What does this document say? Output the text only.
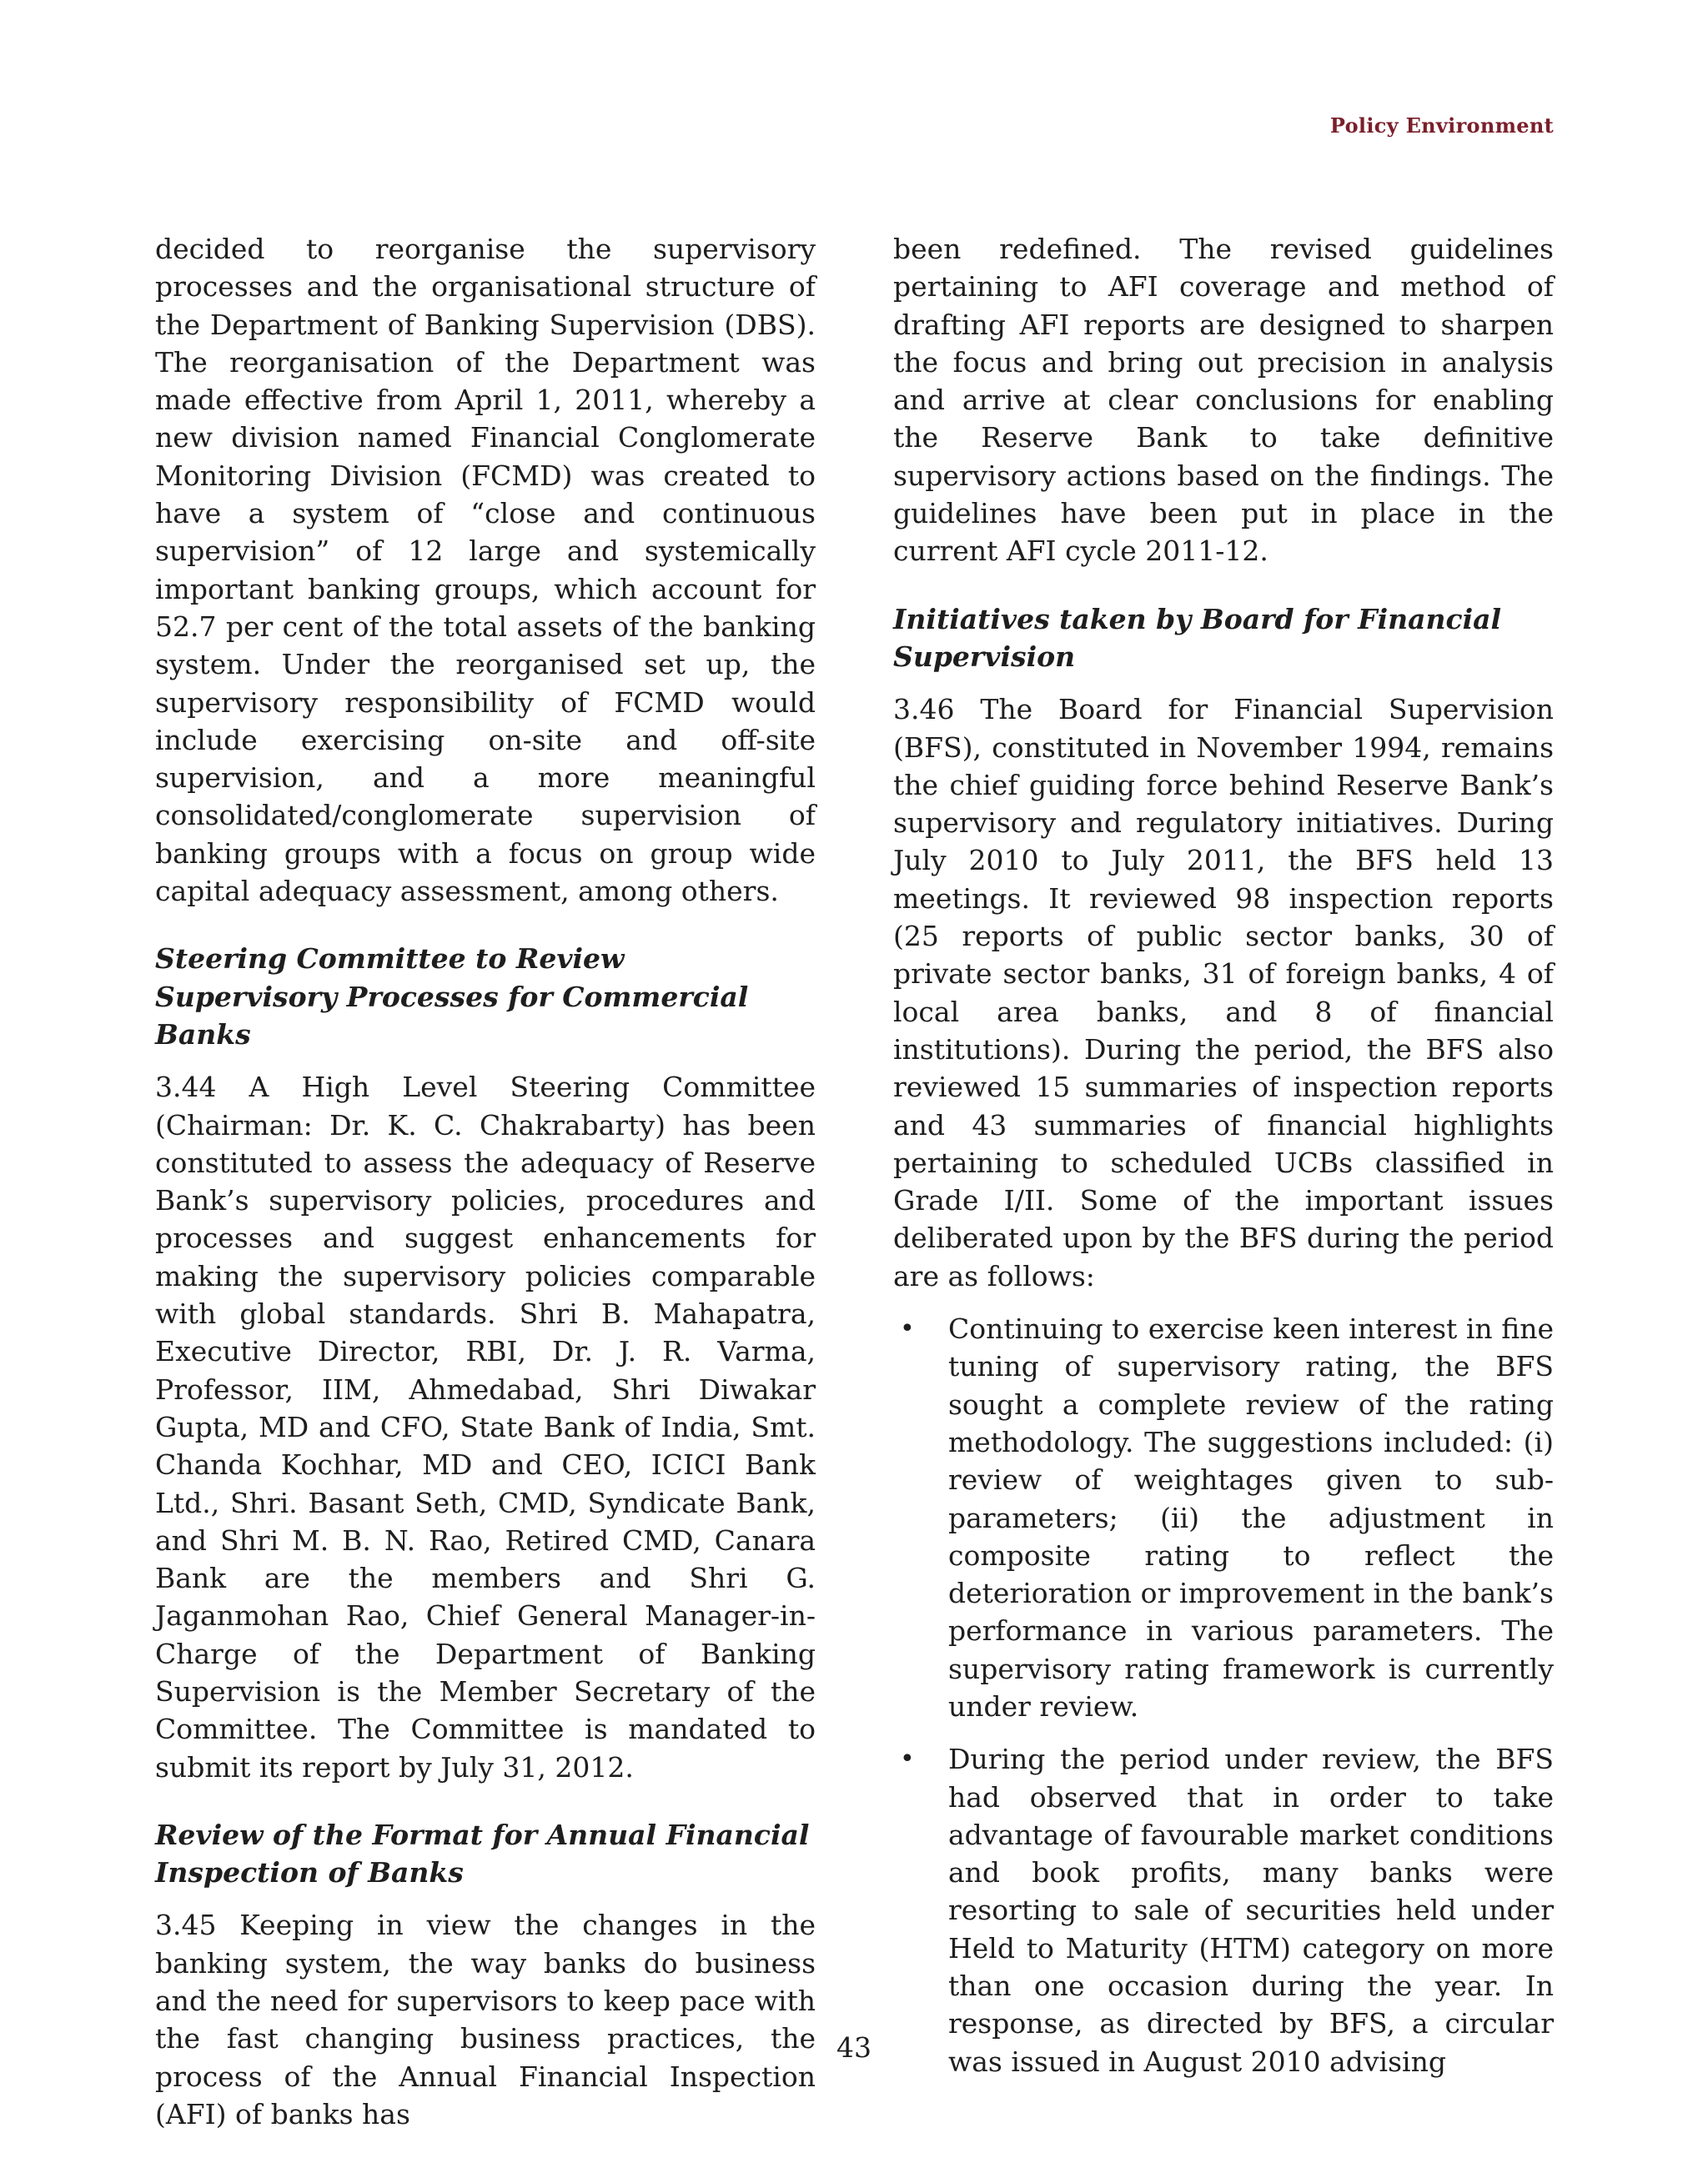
Policy Environment

decided to reorganise the supervisory processes and the organisational structure of the Department of Banking Supervision (DBS). The reorganisation of the Department was made effective from April 1, 2011, whereby a new division named Financial Conglomerate Monitoring Division (FCMD) was created to have a system of “close and continuous supervision” of 12 large and systemically important banking groups, which account for 52.7 per cent of the total assets of the banking system. Under the reorganised set up, the supervisory responsibility of FCMD would include exercising on-site and off-site supervision, and a more meaningful consolidated/conglomerate supervision of banking groups with a focus on group wide capital adequacy assessment, among others.

Steering Committee to Review Supervisory Processes for Commercial Banks

3.44 A High Level Steering Committee (Chairman: Dr. K. C. Chakrabarty) has been constituted to assess the adequacy of Reserve Bank’s supervisory policies, procedures and processes and suggest enhancements for making the supervisory policies comparable with global standards. Shri B. Mahapatra, Executive Director, RBI, Dr. J. R. Varma, Professor, IIM, Ahmedabad, Shri Diwakar Gupta, MD and CFO, State Bank of India, Smt. Chanda Kochhar, MD and CEO, ICICI Bank Ltd., Shri. Basant Seth, CMD, Syndicate Bank, and Shri M. B. N. Rao, Retired CMD, Canara Bank are the members and Shri G. Jaganmohan Rao, Chief General Manager-in-Charge of the Department of Banking Supervision is the Member Secretary of the Committee. The Committee is mandated to submit its report by July 31, 2012.

Review of the Format for Annual Financial Inspection of Banks

3.45 Keeping in view the changes in the banking system, the way banks do business and the need for supervisors to keep pace with the fast changing business practices, the process of the Annual Financial Inspection (AFI) of banks has

been redefined. The revised guidelines pertaining to AFI coverage and method of drafting AFI reports are designed to sharpen the focus and bring out precision in analysis and arrive at clear conclusions for enabling the Reserve Bank to take definitive supervisory actions based on the findings. The guidelines have been put in place in the current AFI cycle 2011-12.

Initiatives taken by Board for Financial Supervision

3.46 The Board for Financial Supervision (BFS), constituted in November 1994, remains the chief guiding force behind Reserve Bank’s supervisory and regulatory initiatives. During July 2010 to July 2011, the BFS held 13 meetings. It reviewed 98 inspection reports (25 reports of public sector banks, 30 of private sector banks, 31 of foreign banks, 4 of local area banks, and 8 of financial institutions). During the period, the BFS also reviewed 15 summaries of inspection reports and 43 summaries of financial highlights pertaining to scheduled UCBs classified in Grade I/II. Some of the important issues deliberated upon by the BFS during the period are as follows:

• Continuing to exercise keen interest in fine tuning of supervisory rating, the BFS sought a complete review of the rating methodology. The suggestions included: (i) review of weightages given to sub-parameters; (ii) the adjustment in composite rating to reflect the deterioration or improvement in the bank’s performance in various parameters. The supervisory rating framework is currently under review.
• During the period under review, the BFS had observed that in order to take advantage of favourable market conditions and book profits, many banks were resorting to sale of securities held under Held to Maturity (HTM) category on more than one occasion during the year. In response, as directed by BFS, a circular was issued in August 2010 advising
43
